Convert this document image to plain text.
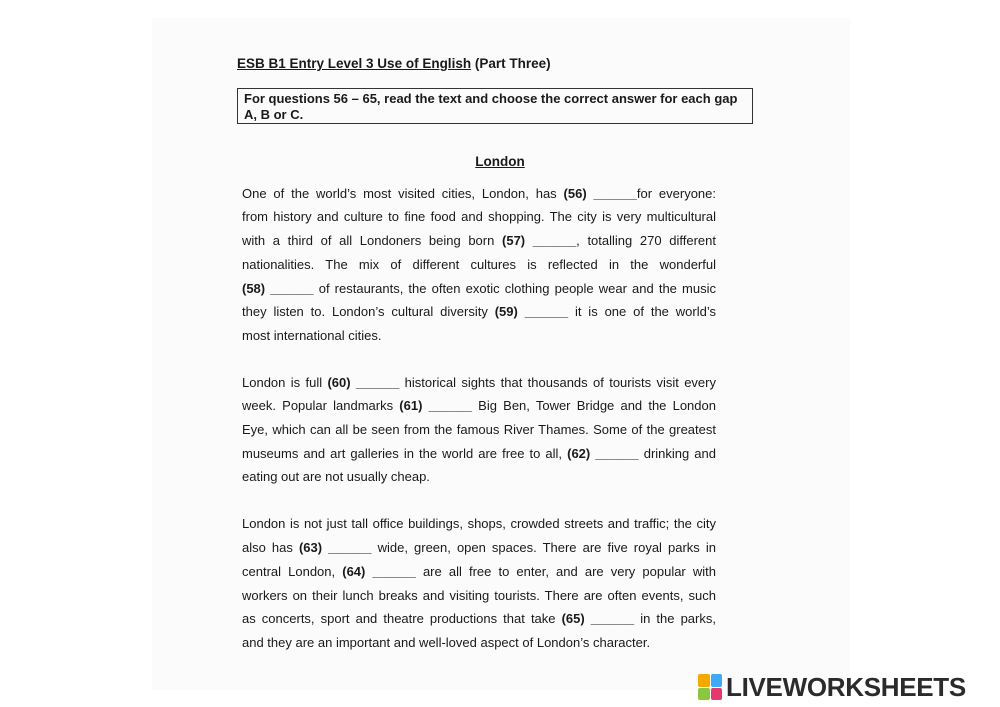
ESB B1 Entry Level 3 Use of English (Part Three)
For questions 56 – 65, read the text and choose the correct answer for each gap A, B or C.
London
One of the world’s most visited cities, London, has (56) ______for everyone:
from history and culture to fine food and shopping. The city is very multicultural
with a third of all Londoners being born (57) ______, totalling 270 different
nationalities. The mix of different cultures is reflected in the wonderful
(58) ______ of restaurants, the often exotic clothing people wear and the music
they listen to. London’s cultural diversity (59) ______ it is one of the world’s
most international cities.
London is full (60) ______ historical sights that thousands of tourists visit every
week. Popular landmarks (61) ______ Big Ben, Tower Bridge and the London
Eye, which can all be seen from the famous River Thames. Some of the greatest
museums and art galleries in the world are free to all, (62) ______ drinking and
eating out are not usually cheap.
London is not just tall office buildings, shops, crowded streets and traffic; the city
also has (63) ______ wide, green, open spaces. There are five royal parks in
central London, (64) ______ are all free to enter, and are very popular with
workers on their lunch breaks and visiting tourists. There are often events, such
as concerts, sport and theatre productions that take (65) ______ in the parks,
and they are an important and well-loved aspect of London’s character.
LIVEWORKSHEETS
